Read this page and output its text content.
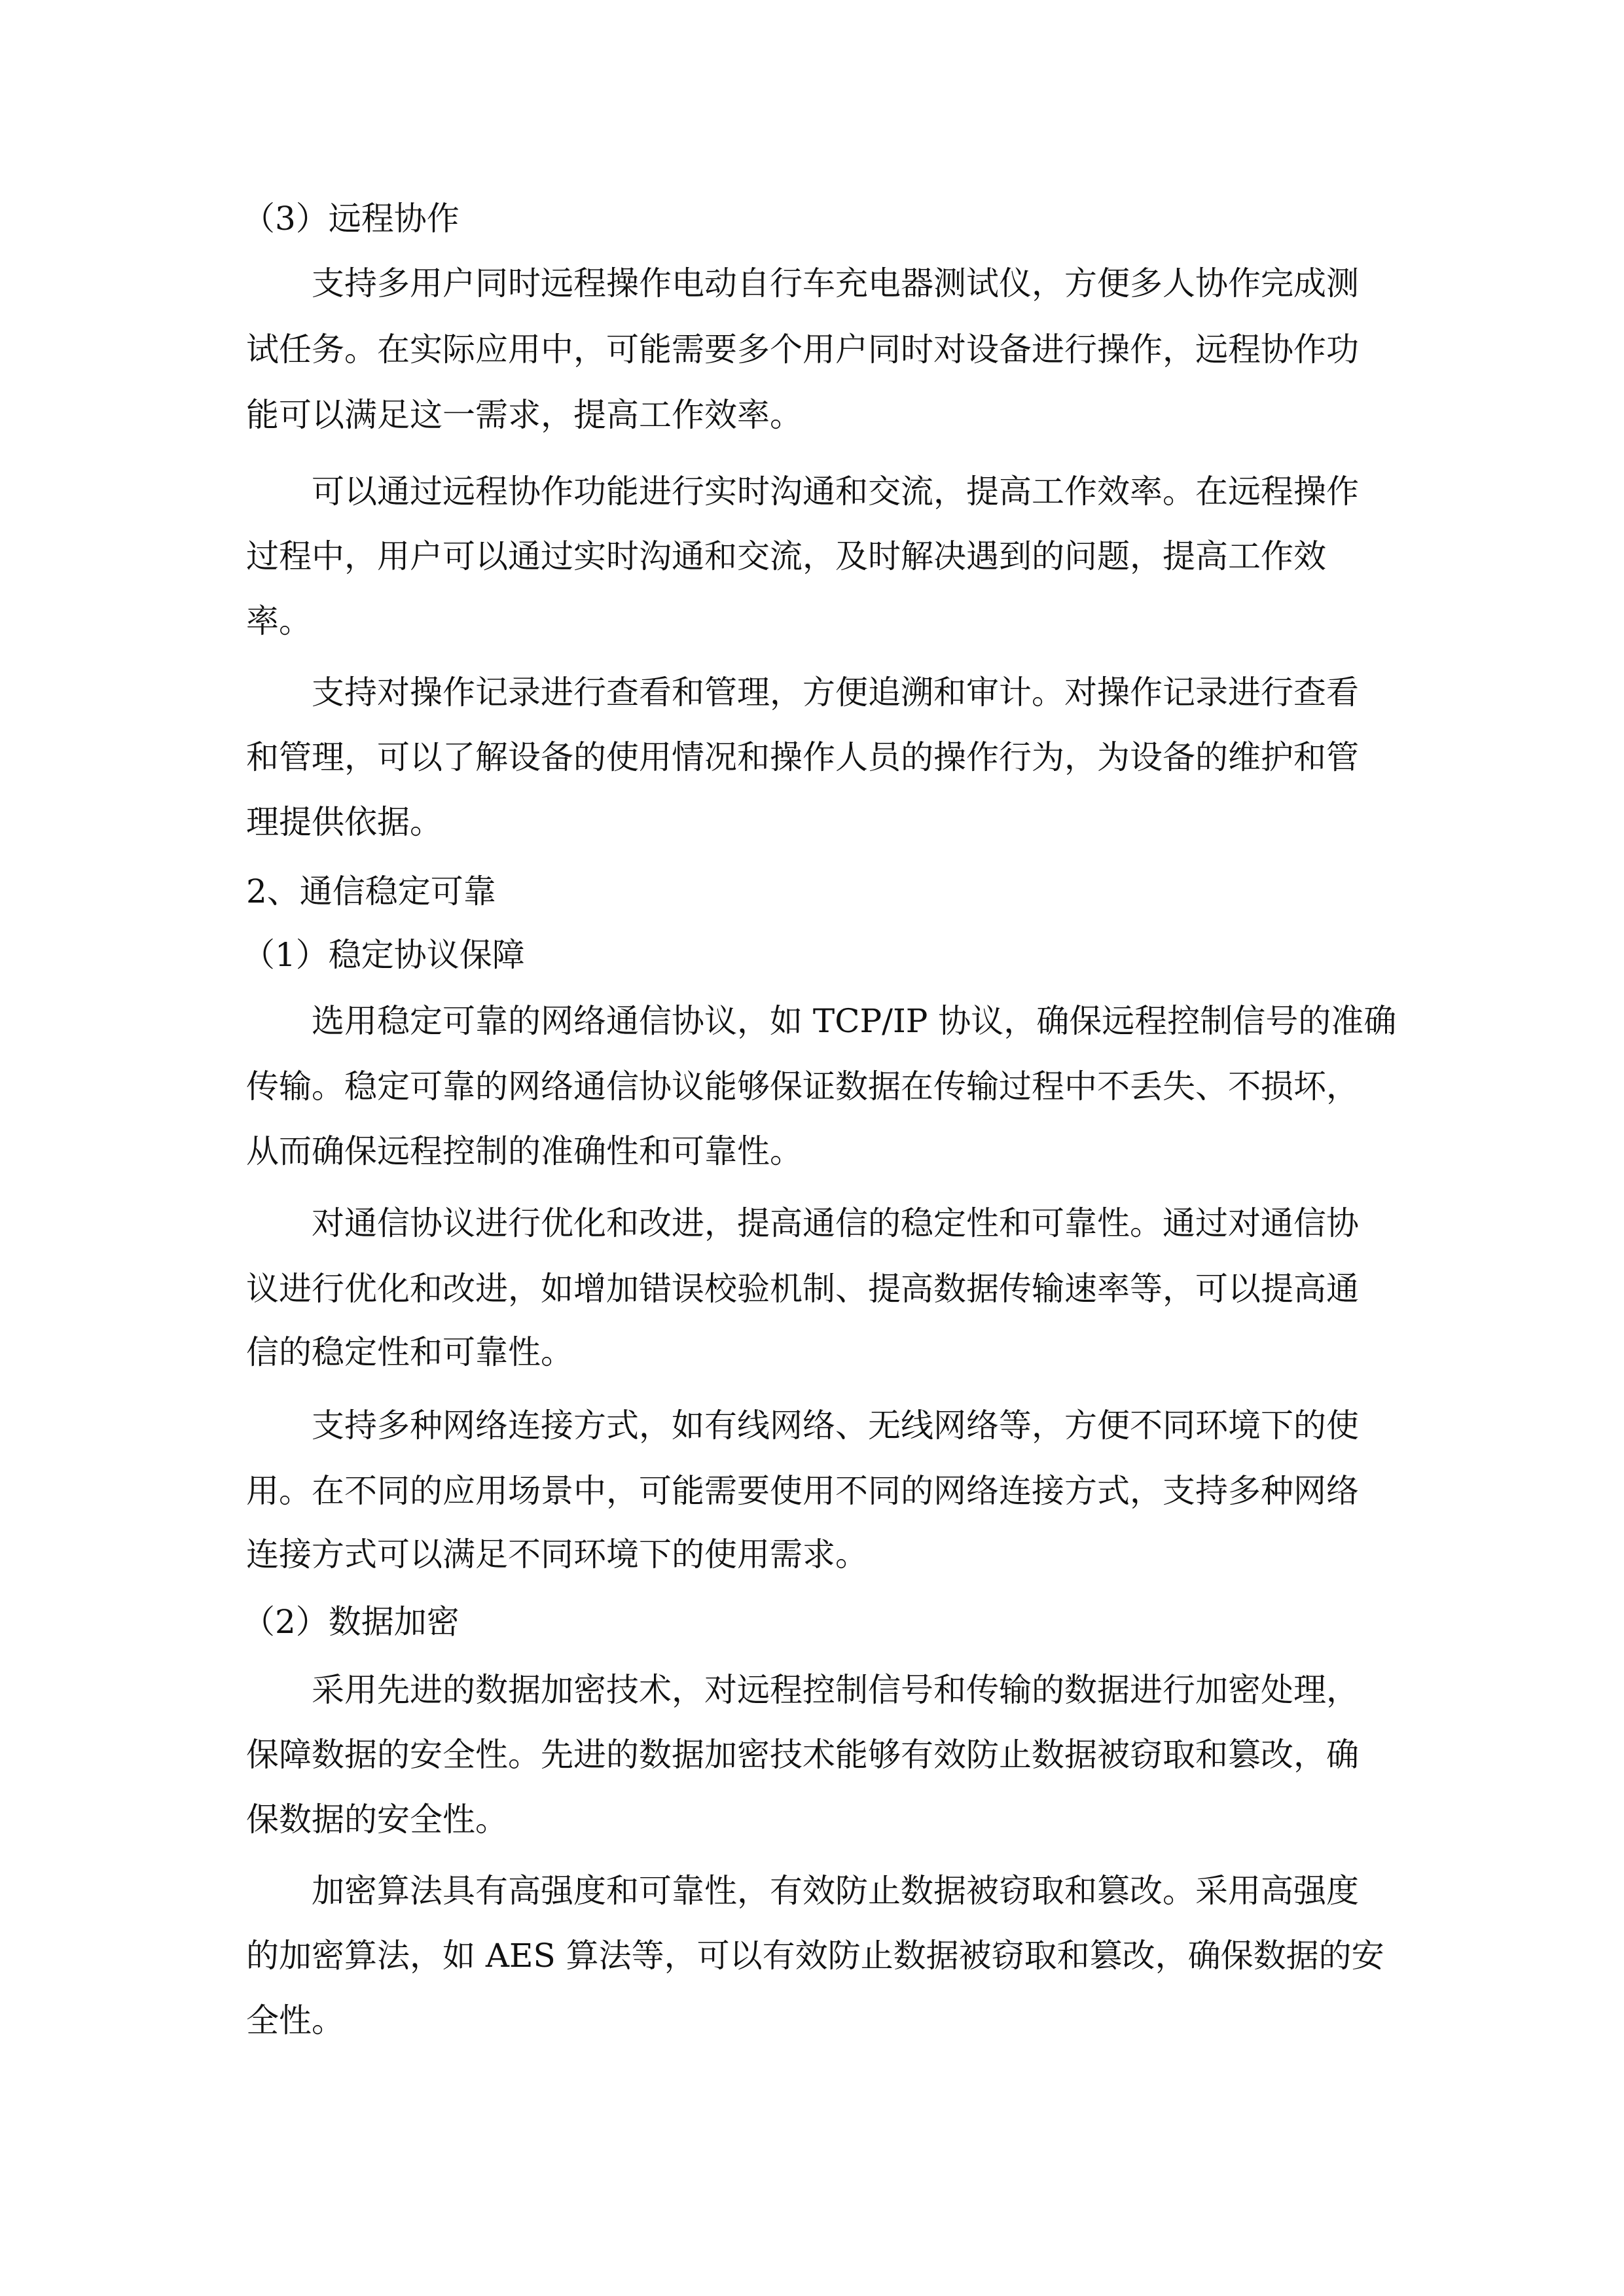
（3）远程协作
支持多用户同时远程操作电动自行车充电器测试仪，方便多人协作完成测
试任务。在实际应用中，可能需要多个用户同时对设备进行操作，远程协作功
能可以满足这一需求，提高工作效率。
可以通过远程协作功能进行实时沟通和交流，提高工作效率。在远程操作
过程中，用户可以通过实时沟通和交流，及时解决遇到的问题，提高工作效
率。
支持对操作记录进行查看和管理，方便追溯和审计。对操作记录进行查看
和管理，可以了解设备的使用情况和操作人员的操作行为，为设备的维护和管
理提供依据。
2、通信稳定可靠
（1）稳定协议保障
选用稳定可靠的网络通信协议，如 TCP/IP 协议，确保远程控制信号的准确
传输。稳定可靠的网络通信协议能够保证数据在传输过程中不丢失、不损坏，
从而确保远程控制的准确性和可靠性。
对通信协议进行优化和改进，提高通信的稳定性和可靠性。通过对通信协
议进行优化和改进，如增加错误校验机制、提高数据传输速率等，可以提高通
信的稳定性和可靠性。
支持多种网络连接方式，如有线网络、无线网络等，方便不同环境下的使
用。在不同的应用场景中，可能需要使用不同的网络连接方式，支持多种网络
连接方式可以满足不同环境下的使用需求。
（2）数据加密
采用先进的数据加密技术，对远程控制信号和传输的数据进行加密处理，
保障数据的安全性。先进的数据加密技术能够有效防止数据被窃取和篡改，确
保数据的安全性。
加密算法具有高强度和可靠性，有效防止数据被窃取和篡改。采用高强度
的加密算法，如 AES 算法等，可以有效防止数据被窃取和篡改，确保数据的安
全性。
